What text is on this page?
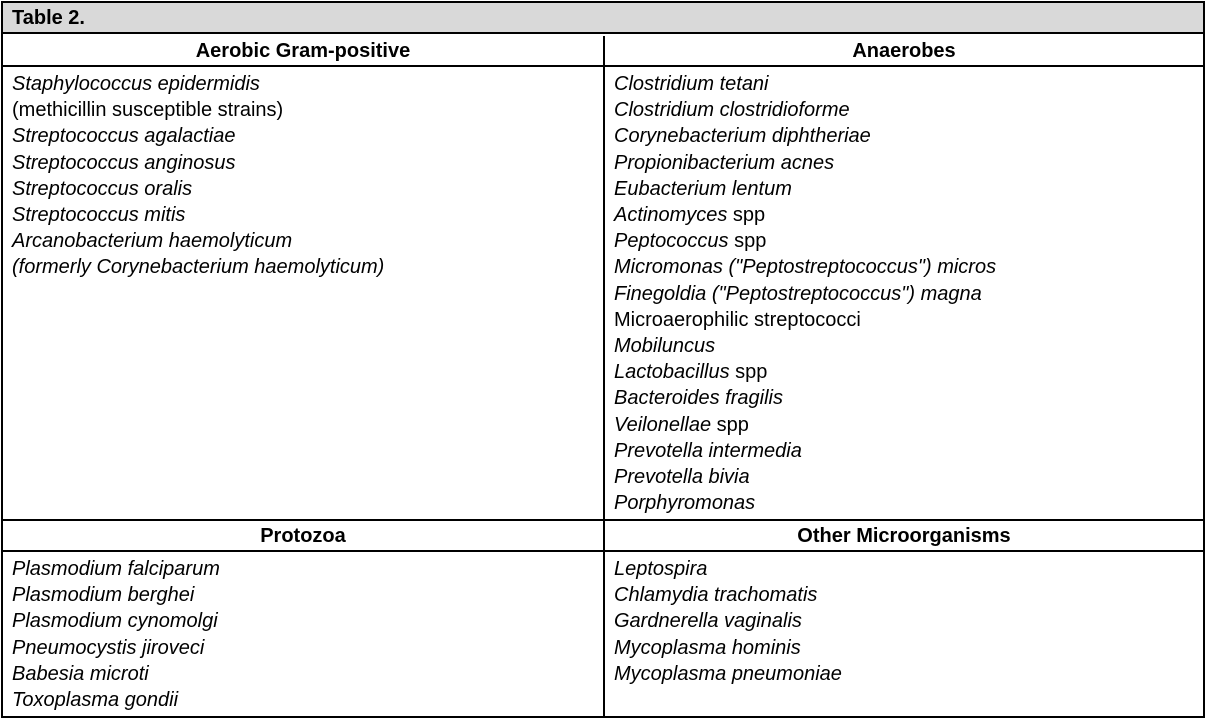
Table 2.
Aerobic Gram-positive	Anaerobes
Staphylococcus epidermidis
(methicillin susceptible strains)
Streptococcus agalactiae
Streptococcus anginosus
Streptococcus oralis
Streptococcus mitis
Arcanobacterium haemolyticum
(formerly Corynebacterium haemolyticum)
Clostridium tetani
Clostridium clostridioforme
Corynebacterium diphtheriae
Propionibacterium acnes
Eubacterium lentum
Actinomyces spp
Peptococcus spp
Micromonas ("Peptostreptococcus") micros
Finegoldia ("Peptostreptococcus") magna
Microaerophilic streptococci
Mobiluncus
Lactobacillus spp
Bacteroides fragilis
Veilonellae spp
Prevotella intermedia
Prevotella bivia
Porphyromonas
Protozoa	Other Microorganisms
Plasmodium falciparum
Plasmodium berghei
Plasmodium cynomolgi
Pneumocystis jiroveci
Babesia microti
Toxoplasma gondii
Leptospira
Chlamydia trachomatis
Gardnerella vaginalis
Mycoplasma hominis
Mycoplasma pneumoniae
